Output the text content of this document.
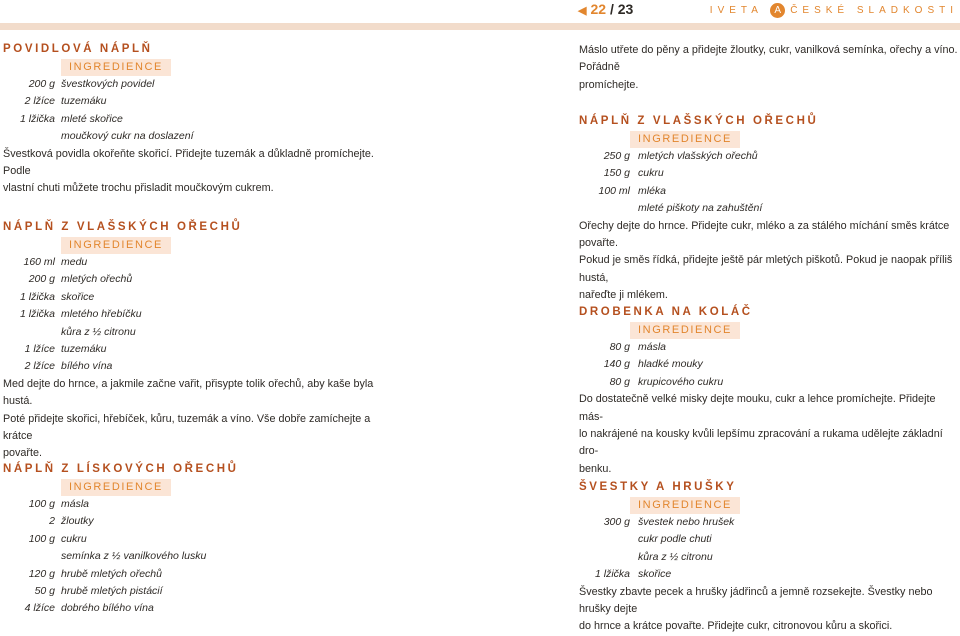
◀ 22 / 23	IVETA A ČESKÉ SLADKOSTI
POVIDLOVÁ NÁPLŇ
INGREDIENCE
200 g švestkových povidel
2 lžíce tuzemáku
1 lžička mleté skořice
moučkový cukr na doslazení
Švestková povidla okořeňte skořicí. Přidejte tuzemák a důkladně promíchejte. Podle
vlastní chuti můžete trochu přisladit moučkovým cukrem.
NÁPLŇ Z VLAŠSKÝCH OŘECHŮ
INGREDIENCE
160 ml medu
200 g mletých ořechů
1 lžička skořice
1 lžička mletého hřebíčku
kůra z ½ citronu
1 lžíce tuzemáku
2 lžíce bílého vína
Med dejte do hrnce, a jakmile začne vařit, přisypte tolik ořechů, aby kaše byla hustá.
Poté přidejte skořici, hřebíček, kůru, tuzemák a víno. Vše dobře zamíchejte a krátce
povařte.
NÁPLŇ Z LÍSKOVÝCH OŘECHŮ
INGREDIENCE
100 g másla
2 žloutky
100 g cukru
semínka z ½ vanilkového lusku
120 g hrubě mletých ořechů
50 g hrubě mletých pistácií
4 lžíce dobrého bílého vína
Máslo utřete do pěny a přidejte žloutky, cukr, vanilková semínka, ořechy a víno. Pořádně
promíchejte.
NÁPLŇ Z VLAŠSKÝCH OŘECHŮ
INGREDIENCE
250 g mletých vlašských ořechů
150 g cukru
100 ml mléka
mleté piškoty na zahuštění
Ořechy dejte do hrnce. Přidejte cukr, mléko a za stálého míchání směs krátce povařte.
Pokud je směs řídká, přidejte ještě pár mletých piškotů. Pokud je naopak příliš hustá,
nařeďte ji mlékem.
DROBENKA NA KOLÁČ
INGREDIENCE
80 g másla
140 g hladké mouky
80 g krupicového cukru
Do dostatečně velké misky dejte mouku, cukr a lehce promíchejte. Přidejte más-
lo nakrájené na kousky kvůli lepšímu zpracování a rukama udělejte základní dro-
benku.
ŠVESTKY A HRUŠKY
INGREDIENCE
300 g švestek nebo hrušek
cukr podle chuti
kůra z ½ citronu
1 lžička skořice
Švestky zbavte pecek a hrušky jádřinců a jemně rozsekejte. Švestky nebo hrušky dejte
do hrnce a krátce povařte. Přidejte cukr, citronovou kůru a skořici.
